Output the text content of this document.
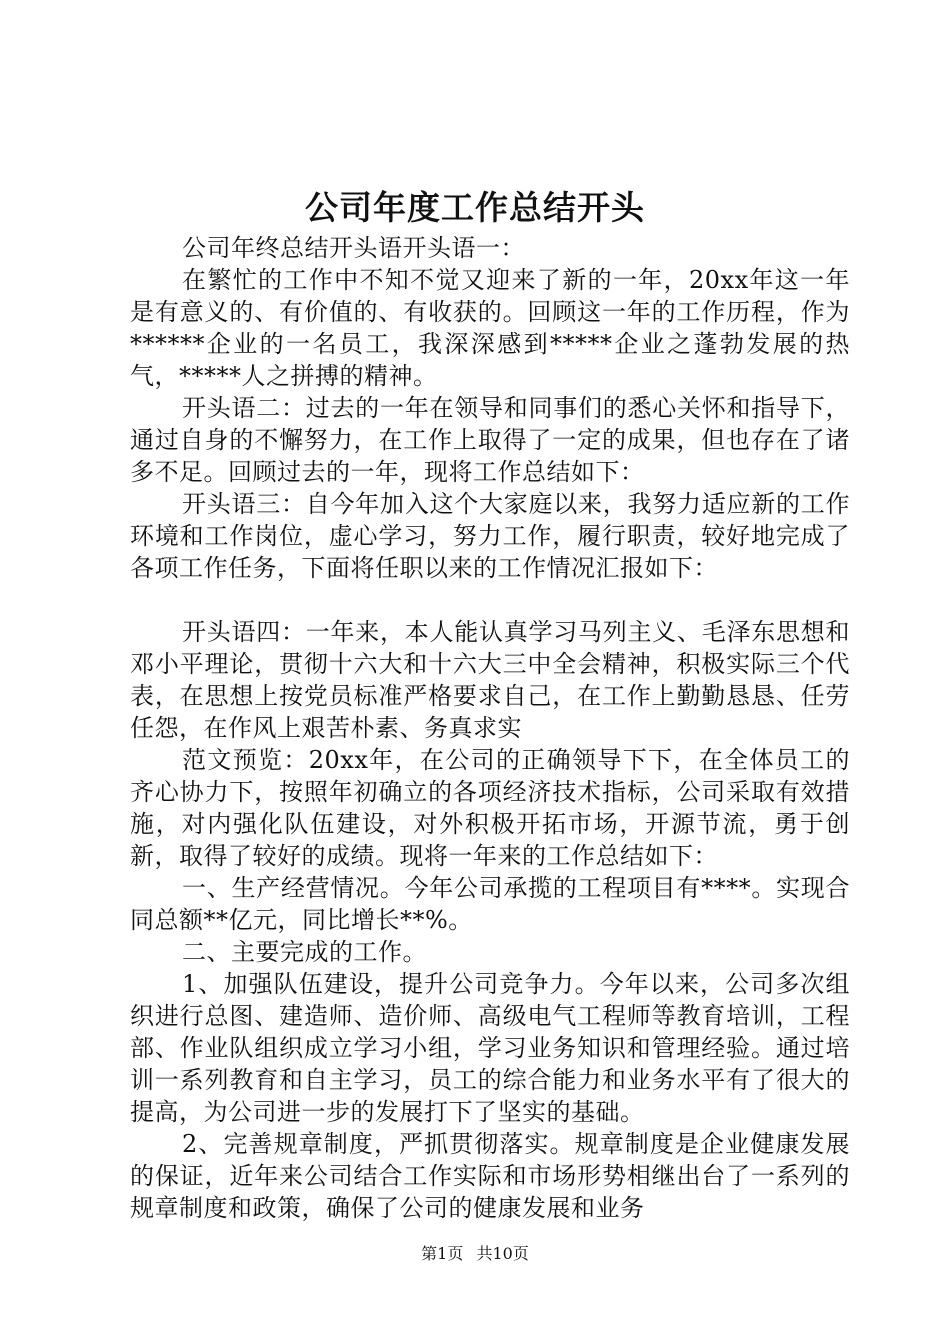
公司年度工作总结开头

公司年终总结开头语开头语一：

在繁忙的工作中不知不觉又迎来了新的一年，20xx年这一年是有意义的、有价值的、有收获的。回顾这一年的工作历程，作为******企业的一名员工，我深深感到*****企业之蓬勃发展的热气，*****人之拼搏的精神。

开头语二：过去的一年在领导和同事们的悉心关怀和指导下，通过自身的不懈努力，在工作上取得了一定的成果，但也存在了诸多不足。回顾过去的一年，现将工作总结如下：

开头语三：自今年加入这个大家庭以来，我努力适应新的工作环境和工作岗位，虚心学习，努力工作，履行职责，较好地完成了各项工作任务，下面将任职以来的工作情况汇报如下：

开头语四：一年来，本人能认真学习马列主义、毛泽东思想和邓小平理论，贯彻十六大和十六大三中全会精神，积极实际三个代表，在思想上按党员标准严格要求自己，在工作上勤勤恳恳、任劳任怨，在作风上艰苦朴素、务真求实

范文预览：20xx年，在公司的正确领导下下，在全体员工的齐心协力下，按照年初确立的各项经济技术指标，公司采取有效措施，对内强化队伍建设，对外积极开拓市场，开源节流，勇于创新，取得了较好的成绩。现将一年来的工作总结如下：

一、生产经营情况。今年公司承揽的工程项目有****。实现合同总额**亿元，同比增长**%。

二、主要完成的工作。

1、加强队伍建设，提升公司竞争力。今年以来，公司多次组织进行总图、建造师、造价师、高级电气工程师等教育培训，工程部、作业队组织成立学习小组，学习业务知识和管理经验。通过培训一系列教育和自主学习，员工的综合能力和业务水平有了很大的提高，为公司进一步的发展打下了坚实的基础。

2、完善规章制度，严抓贯彻落实。规章制度是企业健康发展的保证，近年来公司结合工作实际和市场形势相继出台了一系列的规章制度和政策，确保了公司的健康发展和业务

第1页 共10页
